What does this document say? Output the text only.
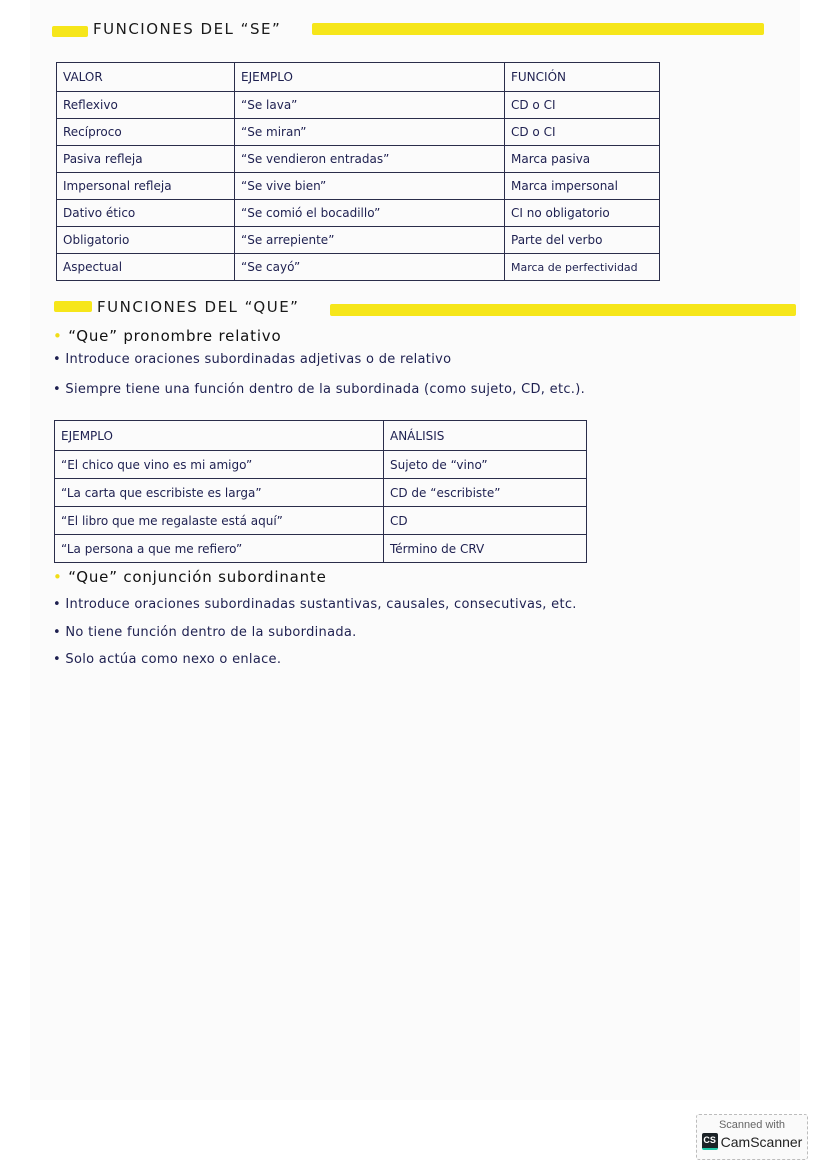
FUNCIONES DEL “SE”
VALOR	EJEMPLO	FUNCIÓN
Reflexivo	“Se lava”	CD o CI
Recíproco	“Se miran”	CD o CI
Pasiva refleja	“Se vendieron entradas”	Marca pasiva
Impersonal refleja	“Se vive bien”	Marca impersonal
Dativo ético	“Se comió el bocadillo”	CI no obligatorio
Obligatorio	“Se arrepiente”	Parte del verbo
Aspectual	“Se cayó”	Marca de perfectividad
FUNCIONES DEL “QUE”
• “Que” pronombre relativo
• Introduce oraciones subordinadas adjetivas o de relativo
• Siempre tiene una función dentro de la subordinada (como sujeto, CD, etc.).
EJEMPLO	ANÁLISIS
“El chico que vino es mi amigo”	Sujeto de “vino”
“La carta que escribiste es larga”	CD de “escribiste”
“El libro que me regalaste está aquí”	CD
“La persona a que me refiero”	Término de CRV
• “Que” conjunción subordinante
• Introduce oraciones subordinadas sustantivas, causales, consecutivas, etc.
• No tiene función dentro de la subordinada.
• Solo actúa como nexo o enlace.
Scanned with
CS CamScanner
